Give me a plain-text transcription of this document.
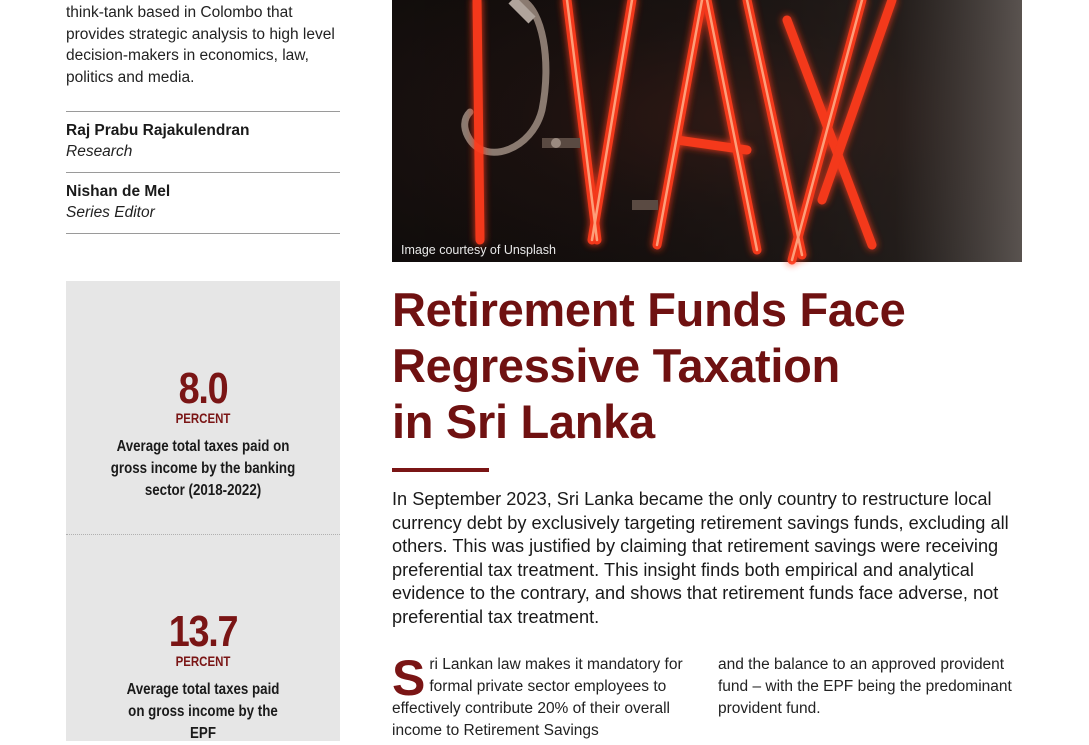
think-tank based in Colombo that provides strategic analysis to high level decision-makers in economics, law, politics and media.

Raj Prabu Rajakulendran
Research
Nishan de Mel
Series Editor
8.0
PERCENT
Average total taxes paid on gross income by the banking sector (2018-2022)
13.7
PERCENT
Average total taxes paid on gross income by the EPF
Image courtesy of Unsplash
Retirement Funds Face
Regressive Taxation
in Sri Lanka

In September 2023, Sri Lanka became the only country to restructure local currency debt by exclusively targeting retirement savings funds, excluding all others. This was justified by claiming that retirement savings were receiving preferential tax treatment. This insight finds both empirical and analytical evidence to the contrary, and shows that retirement funds face adverse, not preferential tax treatment.

S ri Lankan law makes it mandatory for formal private sector employees to effectively contribute 20% of their overall income to Retirement Savings
and the balance to an approved provident fund – with the EPF being the predominant provident fund.
